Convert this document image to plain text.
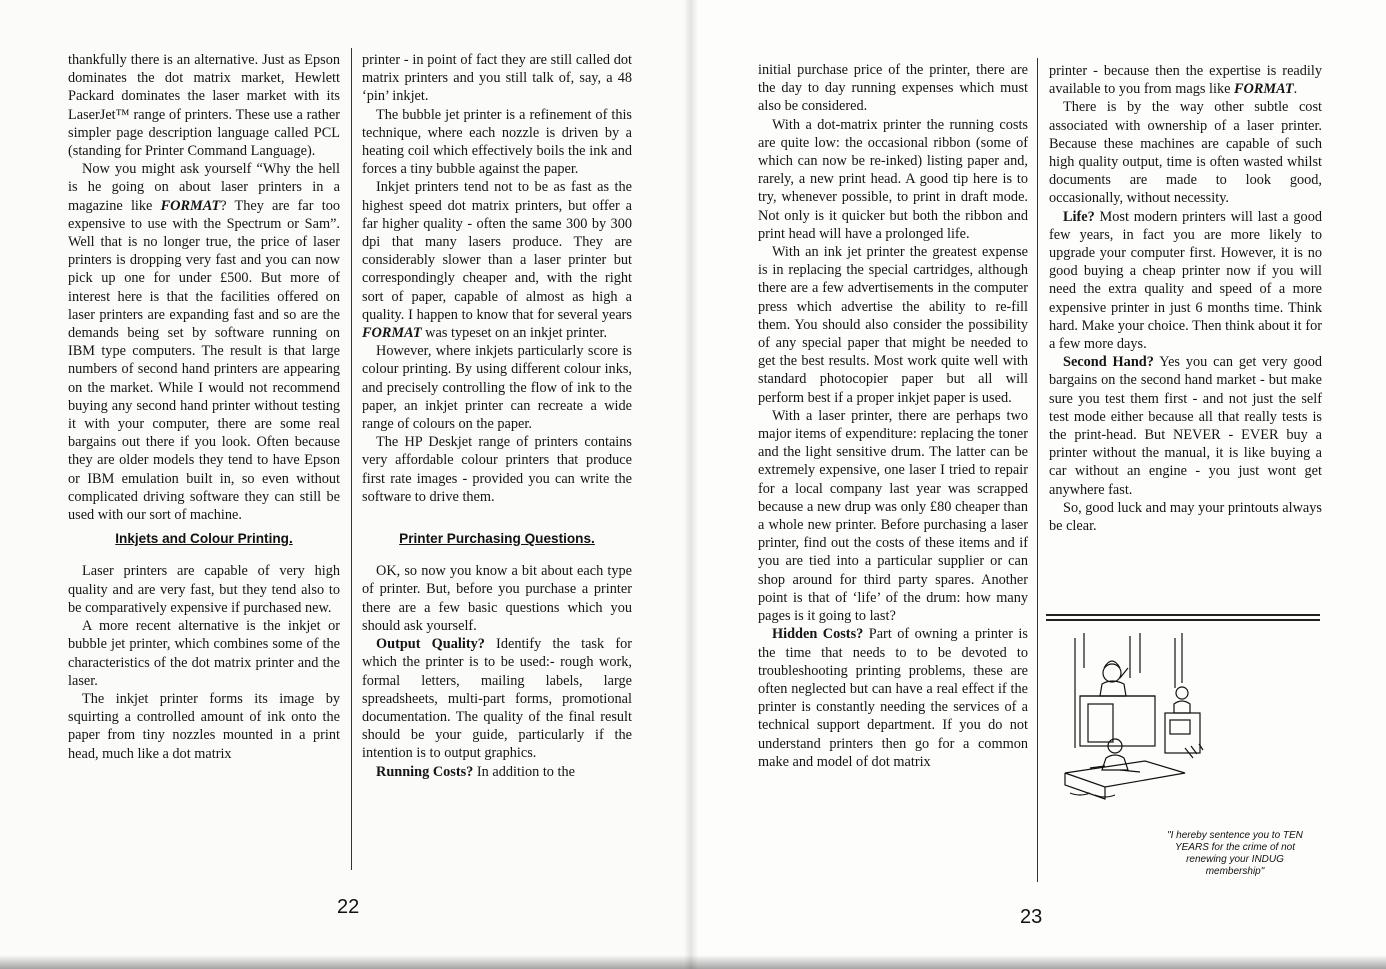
thankfully there is an alternative. Just as Epson dominates the dot matrix market, Hewlett Packard dominates the laser market with its LaserJet™ range of printers. These use a rather simpler page description language called PCL (standing for Printer Command Language).

Now you might ask yourself “Why the hell is he going on about laser printers in a magazine like FORMAT? They are far too expensive to use with the Spectrum or Sam”. Well that is no longer true, the price of laser printers is dropping very fast and you can now pick up one for under £500. But more of interest here is that the facilities offered on laser printers are expanding fast and so are the demands being set by software running on IBM type computers. The result is that large numbers of second hand printers are appearing on the market. While I would not recommend buying any second hand printer without testing it with your computer, there are some real bargains out there if you look. Often because they are older models they tend to have Epson or IBM emulation built in, so even without complicated driving software they can still be used with our sort of machine.

Inkjets and Colour Printing.

Laser printers are capable of very high quality and are very fast, but they tend also to be comparatively expensive if purchased new.

A more recent alternative is the inkjet or bubble jet printer, which combines some of the characteristics of the dot matrix printer and the laser.

The inkjet printer forms its image by squirting a controlled amount of ink onto the paper from tiny nozzles mounted in a print head, much like a dot matrix

printer - in point of fact they are still called dot matrix printers and you still talk of, say, a 48 ‘pin’ inkjet.

The bubble jet printer is a refinement of this technique, where each nozzle is driven by a heating coil which effectively boils the ink and forces a tiny bubble against the paper.

Inkjet printers tend not to be as fast as the highest speed dot matrix printers, but offer a far higher quality - often the same 300 by 300 dpi that many lasers produce. They are considerably slower than a laser printer but correspondingly cheaper and, with the right sort of paper, capable of almost as high a quality. I happen to know that for several years FORMAT was typeset on an inkjet printer.

However, where inkjets particularly score is colour printing. By using different colour inks, and precisely controlling the flow of ink to the paper, an inkjet printer can recreate a wide range of colours on the paper.

The HP Deskjet range of printers contains very affordable colour printers that produce first rate images - provided you can write the software to drive them.

Printer Purchasing Questions.

OK, so now you know a bit about each type of printer. But, before you purchase a printer there are a few basic questions which you should ask yourself.

Output Quality? Identify the task for which the printer is to be used:- rough work, formal letters, mailing labels, large spreadsheets, multi-part forms, promotional documentation. The quality of the final result should be your guide, particularly if the intention is to output graphics.

Running Costs? In addition to the

22

initial purchase price of the printer, there are the day to day running expenses which must also be considered.

With a dot-matrix printer the running costs are quite low: the occasional ribbon (some of which can now be re-inked) listing paper and, rarely, a new print head. A good tip here is to try, whenever possible, to print in draft mode. Not only is it quicker but both the ribbon and print head will have a prolonged life.

With an ink jet printer the greatest expense is in replacing the special cartridges, although there are a few advertisements in the computer press which advertise the ability to re-fill them. You should also consider the possibility of any special paper that might be needed to get the best results. Most work quite well with standard photocopier paper but all will perform best if a proper inkjet paper is used.

With a laser printer, there are perhaps two major items of expenditure: replacing the toner and the light sensitive drum. The latter can be extremely expensive, one laser I tried to repair for a local company last year was scrapped because a new drup was only £80 cheaper than a whole new printer. Before purchasing a laser printer, find out the costs of these items and if you are tied into a particular supplier or can shop around for third party spares. Another point is that of ‘life’ of the drum: how many pages is it going to last?

Hidden Costs? Part of owning a printer is the time that needs to to be devoted to troubleshooting printing problems, these are often neglected but can have a real effect if the printer is constantly needing the services of a technical support department. If you do not understand printers then go for a common make and model of dot matrix

printer - because then the expertise is readily available to you from mags like FORMAT.

There is by the way other subtle cost associated with ownership of a laser printer. Because these machines are capable of such high quality output, time is often wasted whilst documents are made to look good, occasionally, without necessity.

Life? Most modern printers will last a good few years, in fact you are more likely to upgrade your computer first. However, it is no good buying a cheap printer now if you will need the extra quality and speed of a more expensive printer in just 6 months time. Think hard. Make your choice. Then think about it for a few more days.

Second Hand? Yes you can get very good bargains on the second hand market - but make sure you test them first - and not just the self test mode either because all that really tests is the print-head. But NEVER - EVER buy a printer without the manual, it is like buying a car without an engine - you just wont get anywhere fast.

So, good luck and may your printouts always be clear.

"I hereby sentence you to TEN YEARS for the crime of not renewing your INDUG membership"
23
